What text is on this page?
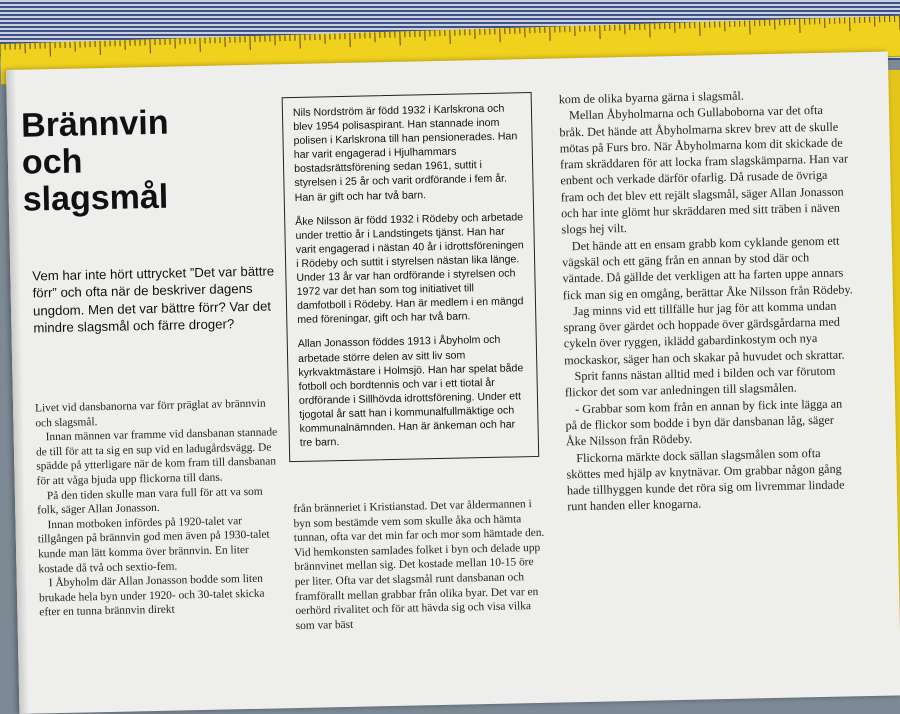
Brännvin
och
slagsmål

Vem har inte hört uttrycket ”Det var bättre förr” och ofta när de beskriver dagens ungdom. Men det var bättre förr? Var det mindre slagsmål och färre droger?

Livet vid dansbanorna var förr präglat av brännvin och slagsmål.

Innan männen var framme vid dansbanan stannade de till för att ta sig en sup vid en ladugårdsvägg. De spädde på ytterligare när de kom fram till dansbanan för att våga bjuda upp flickorna till dans.

På den tiden skulle man vara full för att va som folk, säger Allan Jonasson.

Innan motboken infördes på 1920-talet var tillgången på brännvin god men även på 1930-talet kunde man lätt komma över brännvin. En liter kostade då två och sextio-fem.

I Åbyholm där Allan Jonasson bodde som liten brukade hela byn under 1920- och 30-talet skicka efter en tunna brännvin direkt

Nils Nordström är född 1932 i Karlskrona och blev 1954 polisaspirant. Han stannade inom polisen i Karlskrona till han pensionerades. Han har varit engagerad i Hjulhammars bostadsrättsförening sedan 1961, suttit i styrelsen i 25 år och varit ordförande i fem år. Han är gift och har två barn.

Åke Nilsson är född 1932 i Rödeby och arbetade under trettio år i Landstingets tjänst. Han har varit engagerad i nästan 40 år i idrottsföreningen i Rödeby och suttit i styrelsen nästan lika länge. Under 13 år var han ordförande i styrelsen och 1972 var det han som tog initiativet till damfotboll i Rödeby. Han är medlem i en mängd med föreningar, gift och har två barn.

Allan Jonasson föddes 1913 i Åbyholm och arbetade större delen av sitt liv som kyrkvaktmästare i Holmsjö. Han har spelat både fotboll och bordtennis och var i ett tiotal år ordförande i Sillhövda idrottsförening. Under ett tjogotal år satt han i kommunalfullmäktige och kommunalnämnden. Han är änkeman och har tre barn.

från bränneriet i Kristianstad. Det var åldermannen i byn som bestämde vem som skulle åka och hämta tunnan, ofta var det min far och mor som hämtade den. Vid hemkonsten samlades folket i byn och delade upp brännvinet mellan sig. Det kostade mellan 10-15 öre per liter. Ofta var det slagsmål runt dansbanan och framförallt mellan grabbar från olika byar. Det var en oerhörd rivalitet och för att hävda sig och visa vilka som var bäst

kom de olika byarna gärna i slagsmål.

Mellan Åbyholmarna och Gullaboborna var det ofta bråk. Det hände att Åbyholmarna skrev brev att de skulle mötas på Furs bro. När Åbyholmarna kom dit skickade de fram skräddaren för att locka fram slagskämparna. Han var enbent och verkade därför ofarlig. Då rusade de övriga fram och det blev ett rejält slagsmål, säger Allan Jonasson och har inte glömt hur skräddaren med sitt träben i näven slogs hej vilt.

Det hände att en ensam grabb kom cyklande genom ett vägskäl och ett gäng från en annan by stod där och väntade. Då gällde det verkligen att ha farten uppe annars fick man sig en omgång, berättar Åke Nilsson från Rödeby.

Jag minns vid ett tillfälle hur jag för att komma undan sprang över gärdet och hoppade över gärdsgårdarna med cykeln över ryggen, iklädd gabardinkostym och nya mockaskor, säger han och skakar på huvudet och skrattar.

Sprit fanns nästan alltid med i bilden och var förutom flickor det som var anledningen till slagsmålen.

- Grabbar som kom från en annan by fick inte lägga an på de flickor som bodde i byn där dansbanan låg, säger Åke Nilsson från Rödeby.

Flickorna märkte dock sällan slagsmålen som ofta sköttes med hjälp av knytnävar. Om grabbar någon gång hade tillhyggen kunde det röra sig om livremmar lindade runt handen eller knogarna.
